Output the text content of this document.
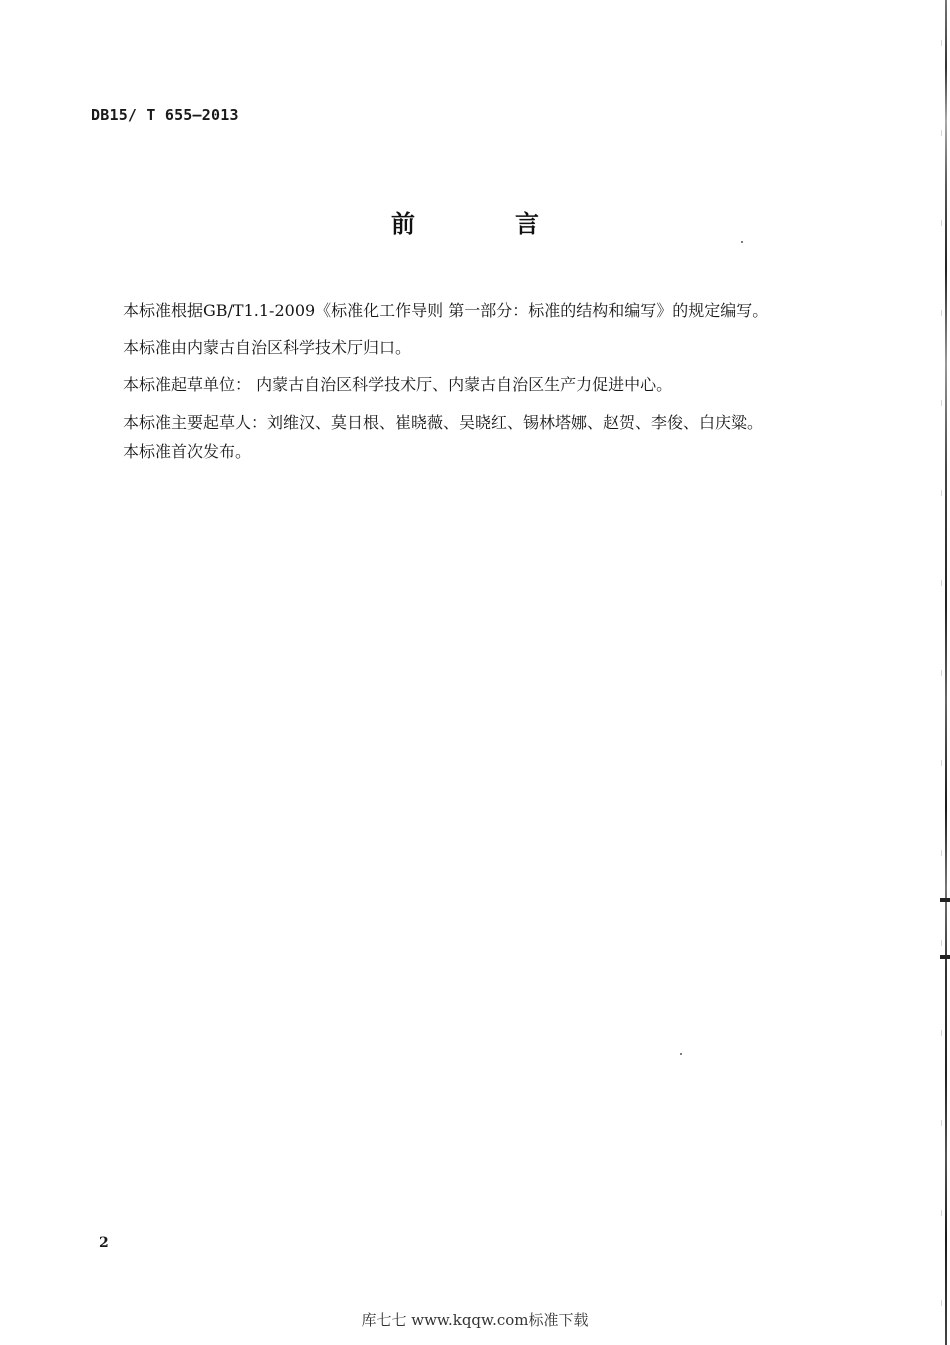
DB15/ T 655—2013
前言
本标准根据GB/T1.1-2009《标准化工作导则 第一部分：标准的结构和编写》的规定编写。
本标准由内蒙古自治区科学技术厅归口。
本标准起草单位： 内蒙古自治区科学技术厅、内蒙古自治区生产力促进中心。
本标准主要起草人：刘维汉、莫日根、崔晓薇、吴晓红、锡林塔娜、赵贺、李俊、白庆粱。
本标准首次发布。
2
库七七 www.kqqw.com标准下载
